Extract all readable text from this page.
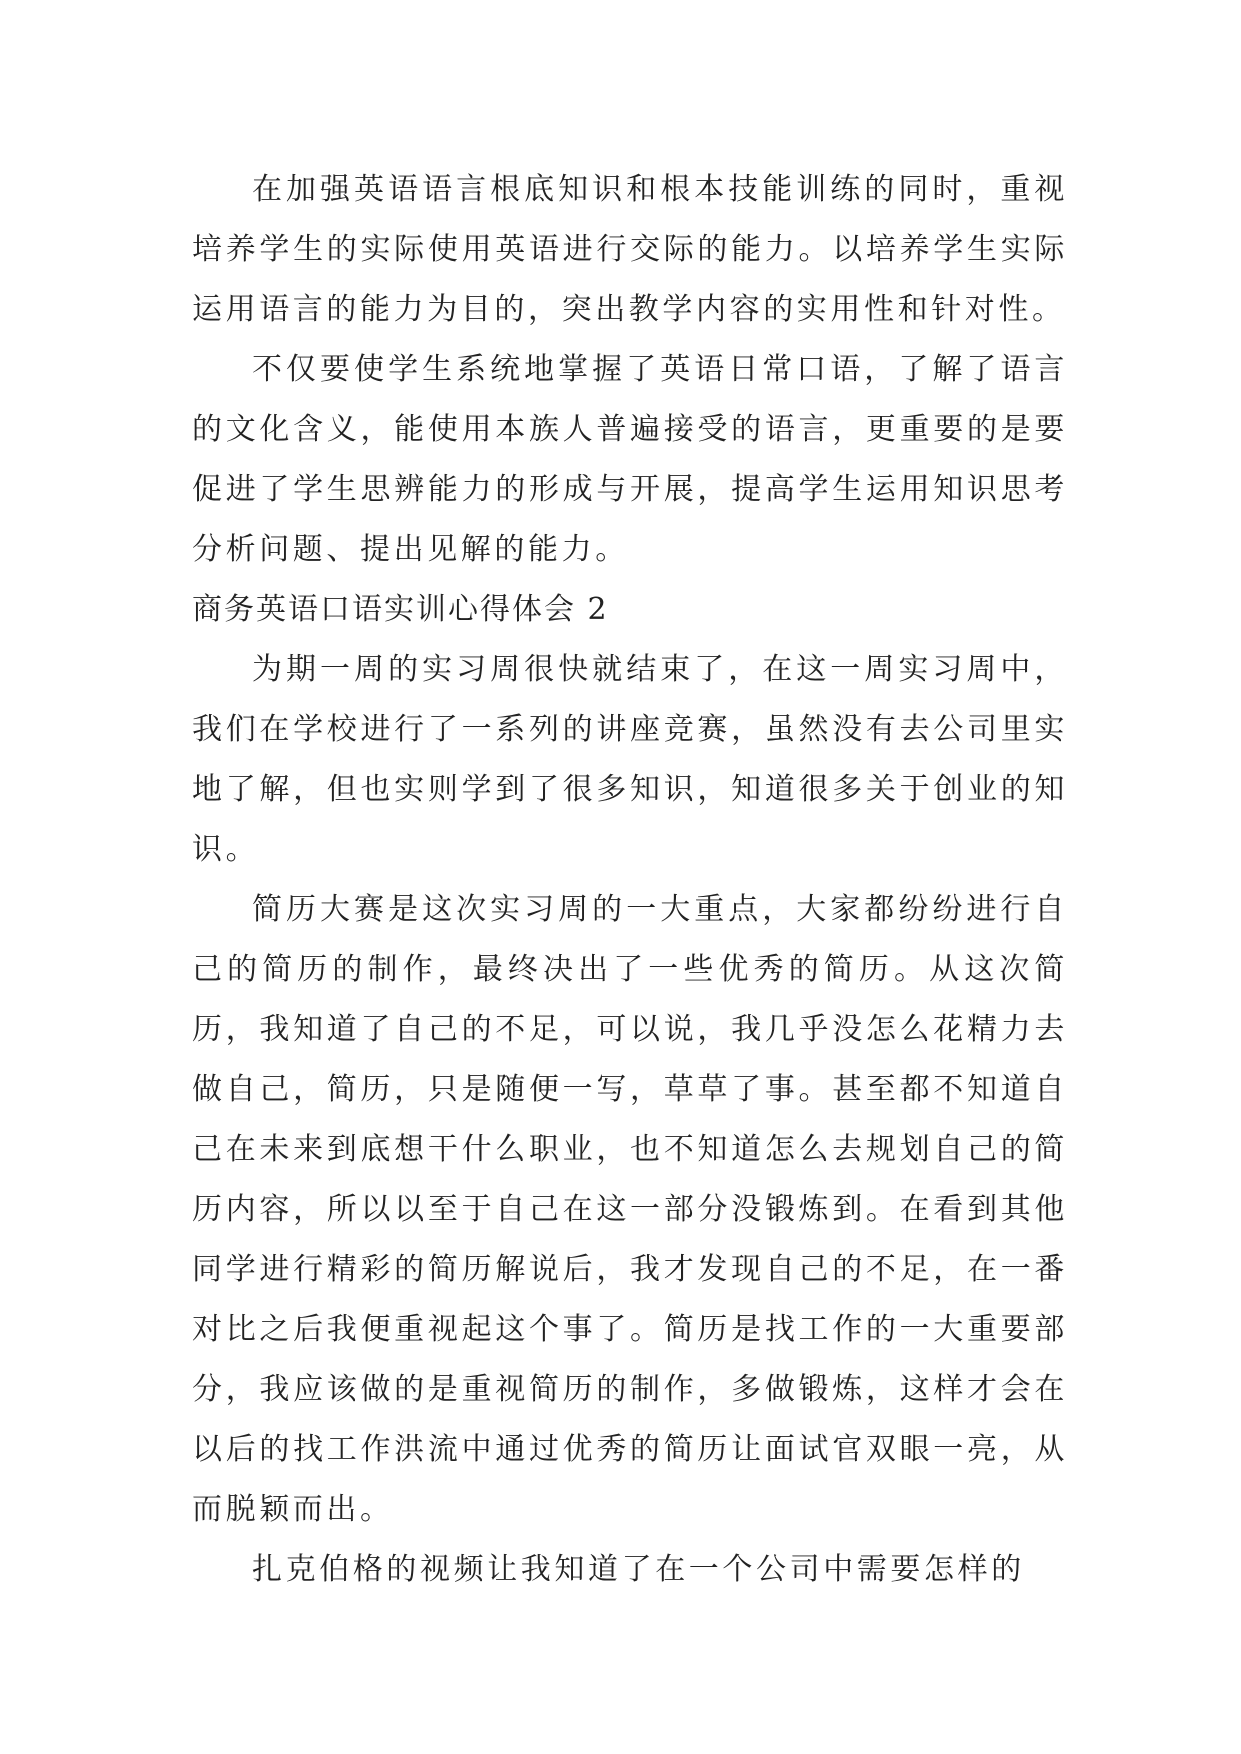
在加强英语语言根底知识和根本技能训练的同时，重视培养学生的实际使用英语进行交际的能力。以培养学生实际运用语言的能力为目的，突出教学内容的实用性和针对性。

不仅要使学生系统地掌握了英语日常口语，了解了语言的文化含义，能使用本族人普遍接受的语言，更重要的是要促进了学生思辨能力的形成与开展，提高学生运用知识思考分析问题、提出见解的能力。

商务英语口语实训心得体会 2

为期一周的实习周很快就结束了，在这一周实习周中，我们在学校进行了一系列的讲座竞赛，虽然没有去公司里实地了解，但也实则学到了很多知识，知道很多关于创业的知识。

简历大赛是这次实习周的一大重点，大家都纷纷进行自己的简历的制作，最终决出了一些优秀的简历。从这次简历，我知道了自己的不足，可以说，我几乎没怎么花精力去做自己，简历，只是随便一写，草草了事。甚至都不知道自己在未来到底想干什么职业，也不知道怎么去规划自己的简历内容，所以以至于自己在这一部分没锻炼到。在看到其他同学进行精彩的简历解说后，我才发现自己的不足，在一番对比之后我便重视起这个事了。简历是找工作的一大重要部分，我应该做的是重视简历的制作，多做锻炼，这样才会在以后的找工作洪流中通过优秀的简历让面试官双眼一亮，从而脱颖而出。

扎克伯格的视频让我知道了在一个公司中需要怎样的
